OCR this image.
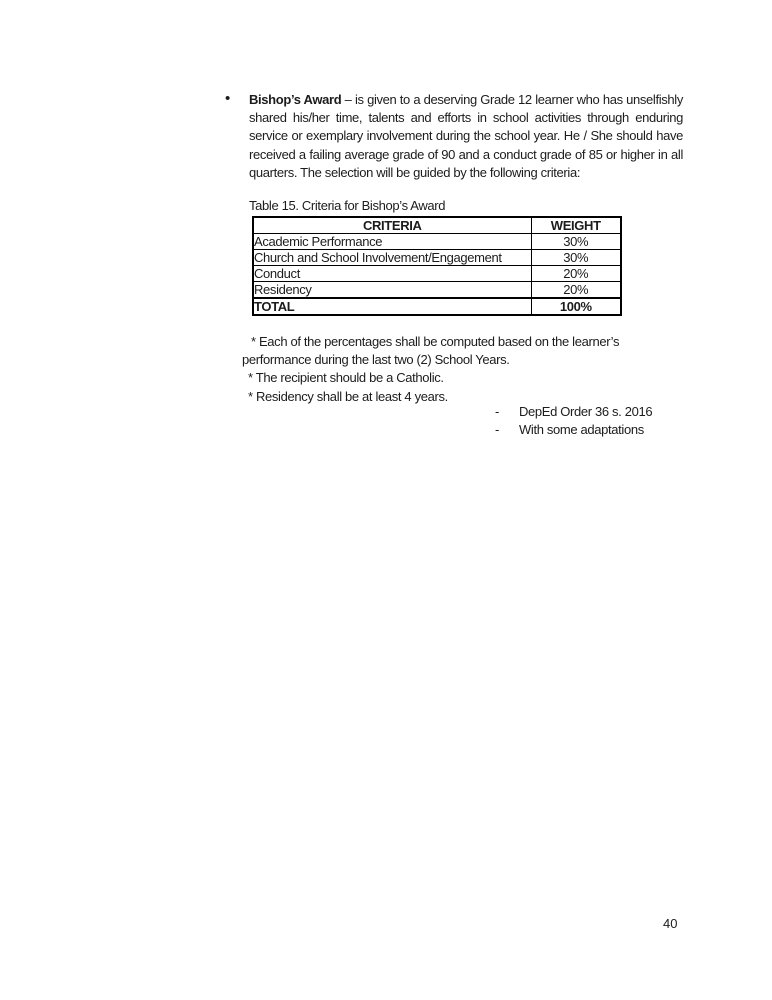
• Bishop’s Award – is given to a deserving Grade 12 learner who has unselfishly shared his/her time, talents and efforts in school activities through enduring service or exemplary involvement during the school year. He / She should have received a failing average grade of 90 and a conduct grade of 85 or higher in all quarters. The selection will be guided by the following criteria:
Table 15. Criteria for Bishop’s Award
CRITERIA	WEIGHT
Academic Performance	30%
Church and School Involvement/Engagement	30%
Conduct	20%
Residency	20%
TOTAL	100%

* Each of the percentages shall be computed based on the learner’s performance during the last two (2) School Years.

* The recipient should be a Catholic.

* Residency shall be at least 4 years.

-	DepEd Order 36 s. 2016
-	With some adaptations
40
